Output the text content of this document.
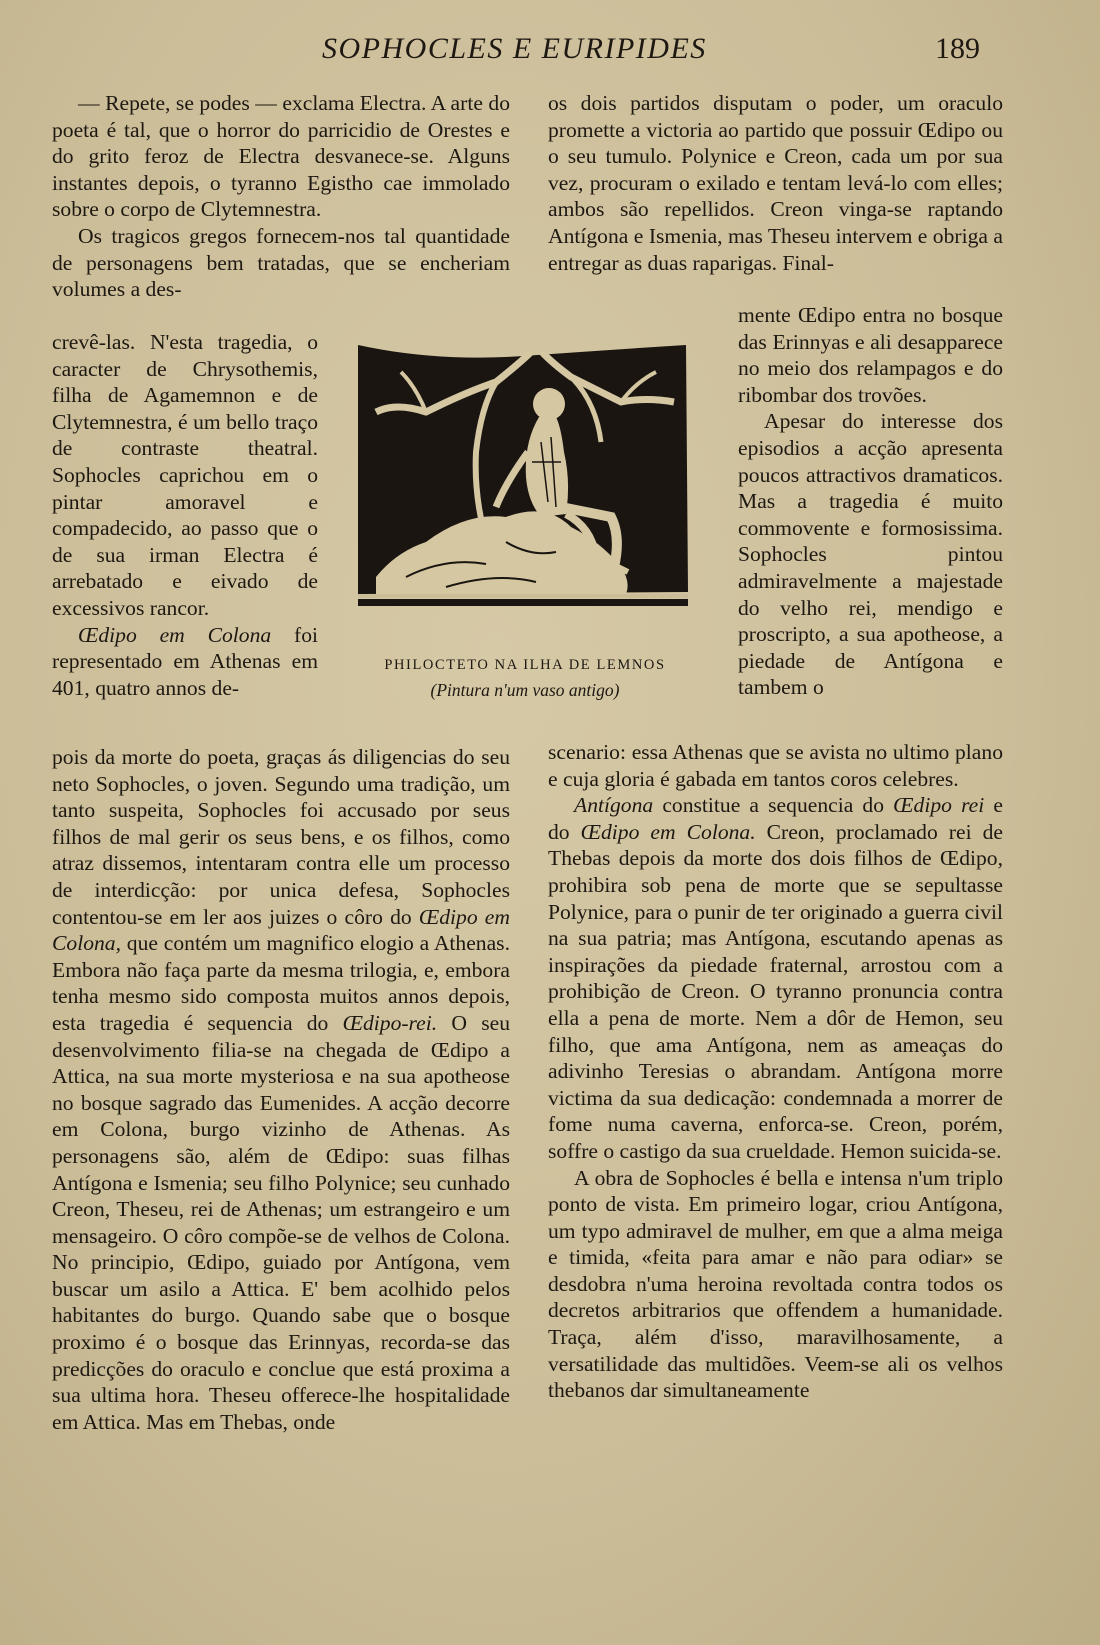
SOPHOCLES E EURIPIDES	189

— Repete, se podes — exclama Electra. A arte do poeta é tal, que o horror do parricidio de Orestes e do grito feroz de Electra desvanece-se. Alguns instantes depois, o tyranno Egistho cae immolado sobre o corpo de Clytemnestra.

Os tragicos gregos fornecem-nos tal quantidade de personagens bem tratadas, que se encheriam volumes a des-

crevê-las. N'esta tragedia, o caracter de Chrysothemis, filha de Agamemnon e de Clytemnestra, é um bello traço de contraste theatral. Sophocles caprichou em o pintar amoravel e compadecido, ao passo que o de sua irman Electra é arrebatado e eivado de excessivos rancor.

Œdipo em Colona foi representado em Athenas em 401, quatro annos de-

pois da morte do poeta, graças ás diligencias do seu neto Sophocles, o joven. Segundo uma tradição, um tanto suspeita, Sophocles foi accusado por seus filhos de mal gerir os seus bens, e os filhos, como atraz dissemos, intentaram contra elle um processo de interdicção: por unica defesa, Sophocles contentou-se em ler aos juizes o côro do Œdipo em Colona, que contém um magnifico elogio a Athenas. Embora não faça parte da mesma trilogia, e, embora tenha mesmo sido composta muitos annos depois, esta tragedia é sequencia do Œdipo-rei. O seu desenvolvimento filia-se na chegada de Œdipo a Attica, na sua morte mysteriosa e na sua apotheose no bosque sagrado das Eumenides. A acção decorre em Colona, burgo vizinho de Athenas. As personagens são, além de Œdipo: suas filhas Antígona e Ismenia; seu filho Polynice; seu cunhado Creon, Theseu, rei de Athenas; um estrangeiro e um mensageiro. O côro compõe-se de velhos de Colona. No principio, Œdipo, guiado por Antígona, vem buscar um asilo a Attica. E' bem acolhido pelos habitantes do burgo. Quando sabe que o bosque proximo é o bosque das Erinnyas, recorda-se das predicções do oraculo e conclue que está proxima a sua ultima hora. Theseu offerece-lhe hospitalidade em Attica. Mas em Thebas, onde

PHILOCTETO NA ILHA DE LEMNOS
(Pintura n'um vaso antigo)

os dois partidos disputam o poder, um oraculo promette a victoria ao partido que possuir Œdipo ou o seu tumulo. Polynice e Creon, cada um por sua vez, procuram o exilado e tentam levá-lo com elles; ambos são repellidos. Creon vinga-se raptando Antígona e Ismenia, mas Theseu intervem e obriga a entregar as duas raparigas. Final-

mente Œdipo entra no bosque das Erinnyas e ali desapparece no meio dos relampagos e do ribombar dos trovões.

Apesar do interesse dos episodios a acção apresenta poucos attractivos dramaticos. Mas a tragedia é muito commovente e formosissima. Sophocles pintou admiravelmente a majestade do velho rei, mendigo e proscripto, a sua apotheose, a piedade de Antígona e tambem o

scenario: essa Athenas que se avista no ultimo plano e cuja gloria é gabada em tantos coros celebres.

Antígona constitue a sequencia do Œdipo rei e do Œdipo em Colona. Creon, proclamado rei de Thebas depois da morte dos dois filhos de Œdipo, prohibira sob pena de morte que se sepultasse Polynice, para o punir de ter originado a guerra civil na sua patria; mas Antígona, escutando apenas as inspirações da piedade fraternal, arrostou com a prohibição de Creon. O tyranno pronuncia contra ella a pena de morte. Nem a dôr de Hemon, seu filho, que ama Antígona, nem as ameaças do adivinho Teresias o abrandam. Antígona morre victima da sua dedicação: condemnada a morrer de fome numa caverna, enforca-se. Creon, porém, soffre o castigo da sua crueldade. Hemon suicida-se.

A obra de Sophocles é bella e intensa n'um triplo ponto de vista. Em primeiro logar, criou Antígona, um typo admiravel de mulher, em que a alma meiga e timida, «feita para amar e não para odiar» se desdobra n'uma heroina revoltada contra todos os decretos arbitrarios que offendem a humanidade. Traça, além d'isso, maravilhosamente, a versatilidade das multidões. Veem-se ali os velhos thebanos dar simultaneamente
